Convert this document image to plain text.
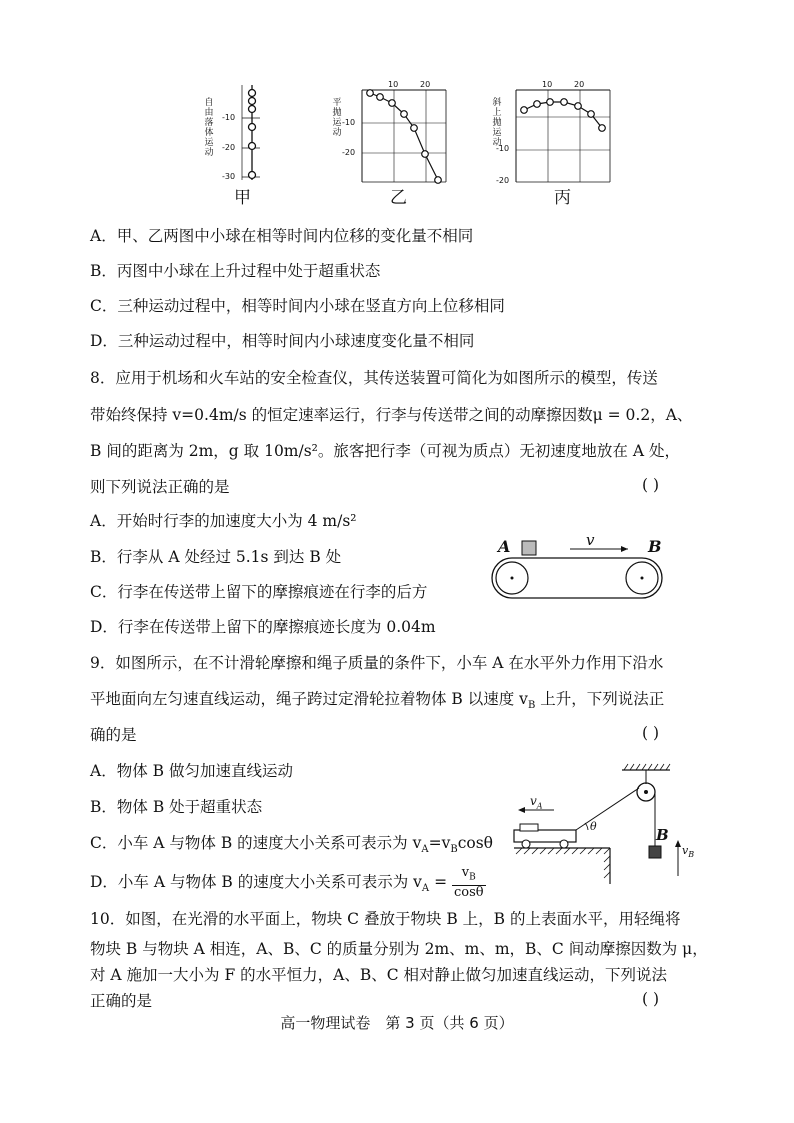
自由落体运动
-10
-20
-30
甲
平抛运动
10	20
-10
-20
乙
斜上抛运动
10	20
-10
-20
丙
A．甲、乙两图中小球在相等时间内位移的变化量不相同
B．丙图中小球在上升过程中处于超重状态
C．三种运动过程中，相等时间内小球在竖直方向上位移相同
D．三种运动过程中，相等时间内小球速度变化量不相同
8．应用于机场和火车站的安全检查仪，其传送装置可简化为如图所示的模型，传送
带始终保持 v=0.4m/s 的恒定速率运行，行李与传送带之间的动摩擦因数μ = 0.2，A、
B 间的距离为 2m，g 取 10m/s²。旅客把行李（可视为质点）无初速度地放在 A 处，
则下列说法正确的是	( )
A．开始时行李的加速度大小为 4 m/s²
B．行李从 A 处经过 5.1s 到达 B 处
C．行李在传送带上留下的摩擦痕迹在行李的后方
D．行李在传送带上留下的摩擦痕迹长度为 0.04m
A	v	B
9．如图所示，在不计滑轮摩擦和绳子质量的条件下，小车 A 在水平外力作用下沿水
平地面向左匀速直线运动，绳子跨过定滑轮拉着物体 B 以速度 $v_B$ 上升，下列说法正
确的是	( )
A．物体 B 做匀加速直线运动
B．物体 B 处于超重状态
C．小车 A 与物体 B 的速度大小关系可表示为 $v_A=v_B\cos\theta$
D．小车 A 与物体 B 的速度大小关系可表示为 $v_A = \frac{v_B}{\cos\theta}$
$v_A$
θ	B
$v_B$
10．如图，在光滑的水平面上，物块 C 叠放于物块 B 上，B 的上表面水平，用轻绳将
物块 B 与物块 A 相连，A、B、C 的质量分别为 2m、m、m，B、C 间动摩擦因数为 μ，
对 A 施加一大小为 F 的水平恒力，A、B、C 相对静止做匀加速直线运动，下列说法
正确的是	( )
高一物理试卷　第 3 页（共 6 页）
